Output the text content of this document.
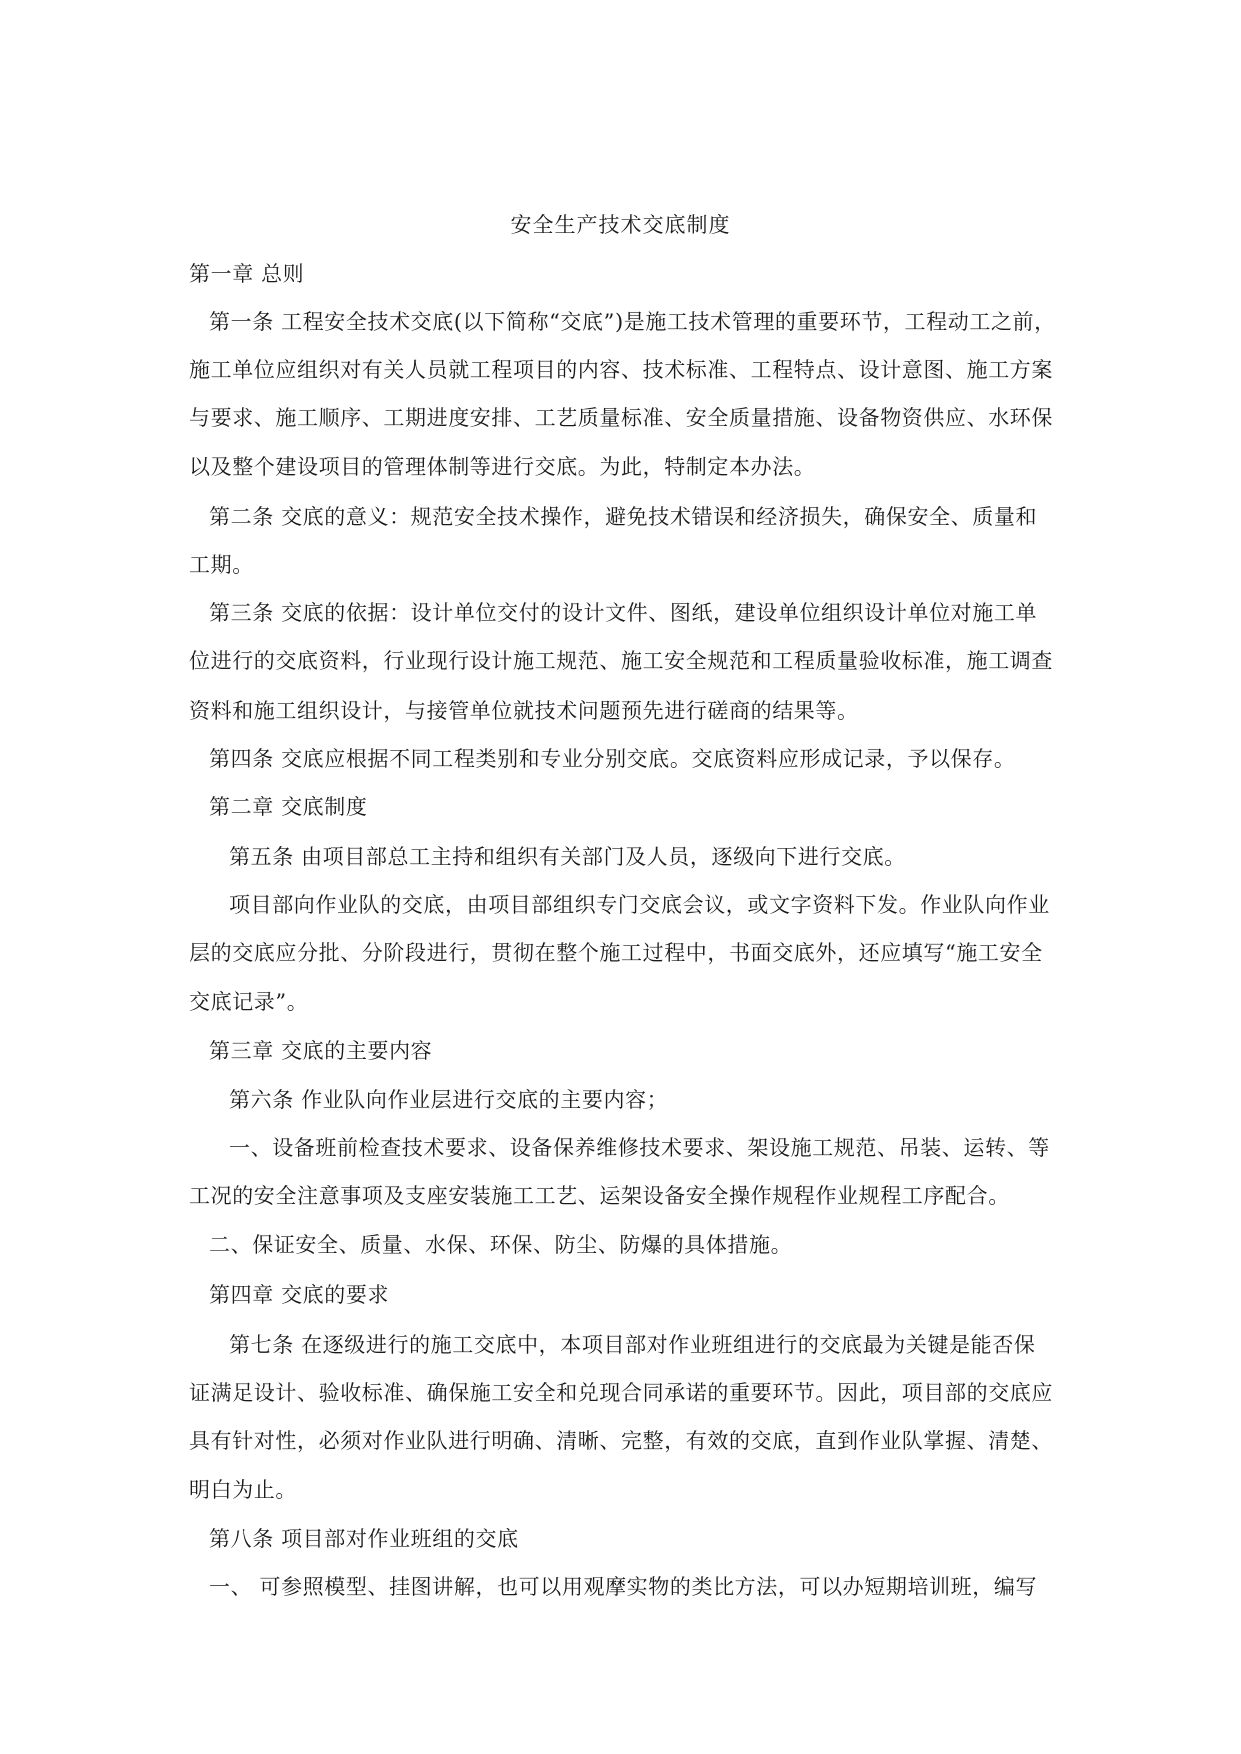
安全生产技术交底制度
第一章 总则
第一条 工程安全技术交底(以下简称“交底”)是施工技术管理的重要环节，工程动工之前，
施工单位应组织对有关人员就工程项目的内容、技术标准、工程特点、设计意图、施工方案
与要求、施工顺序、工期进度安排、工艺质量标准、安全质量措施、设备物资供应、水环保
以及整个建设项目的管理体制等进行交底。为此，特制定本办法。
第二条 交底的意义：规范安全技术操作，避免技术错误和经济损失，确保安全、质量和
工期。
第三条 交底的依据：设计单位交付的设计文件、图纸，建设单位组织设计单位对施工单
位进行的交底资料，行业现行设计施工规范、施工安全规范和工程质量验收标准，施工调查
资料和施工组织设计，与接管单位就技术问题预先进行磋商的结果等。
第四条 交底应根据不同工程类别和专业分别交底。交底资料应形成记录，予以保存。
第二章 交底制度
第五条 由项目部总工主持和组织有关部门及人员，逐级向下进行交底。
项目部向作业队的交底，由项目部组织专门交底会议，或文字资料下发。作业队向作业
层的交底应分批、分阶段进行，贯彻在整个施工过程中，书面交底外，还应填写“施工安全
交底记录”。
第三章 交底的主要内容
第六条 作业队向作业层进行交底的主要内容；
一、设备班前检查技术要求、设备保养维修技术要求、架设施工规范、吊装、运转、等
工况的安全注意事项及支座安装施工工艺、运架设备安全操作规程作业规程工序配合。
二、保证安全、质量、水保、环保、防尘、防爆的具体措施。
第四章 交底的要求
第七条 在逐级进行的施工交底中，本项目部对作业班组进行的交底最为关键是能否保
证满足设计、验收标准、确保施工安全和兑现合同承诺的重要环节。因此，项目部的交底应
具有针对性，必须对作业队进行明确、清晰、完整，有效的交底，直到作业队掌握、清楚、
明白为止。
第八条 项目部对作业班组的交底
一、 可参照模型、挂图讲解，也可以用观摩实物的类比方法，可以办短期培训班，编写
